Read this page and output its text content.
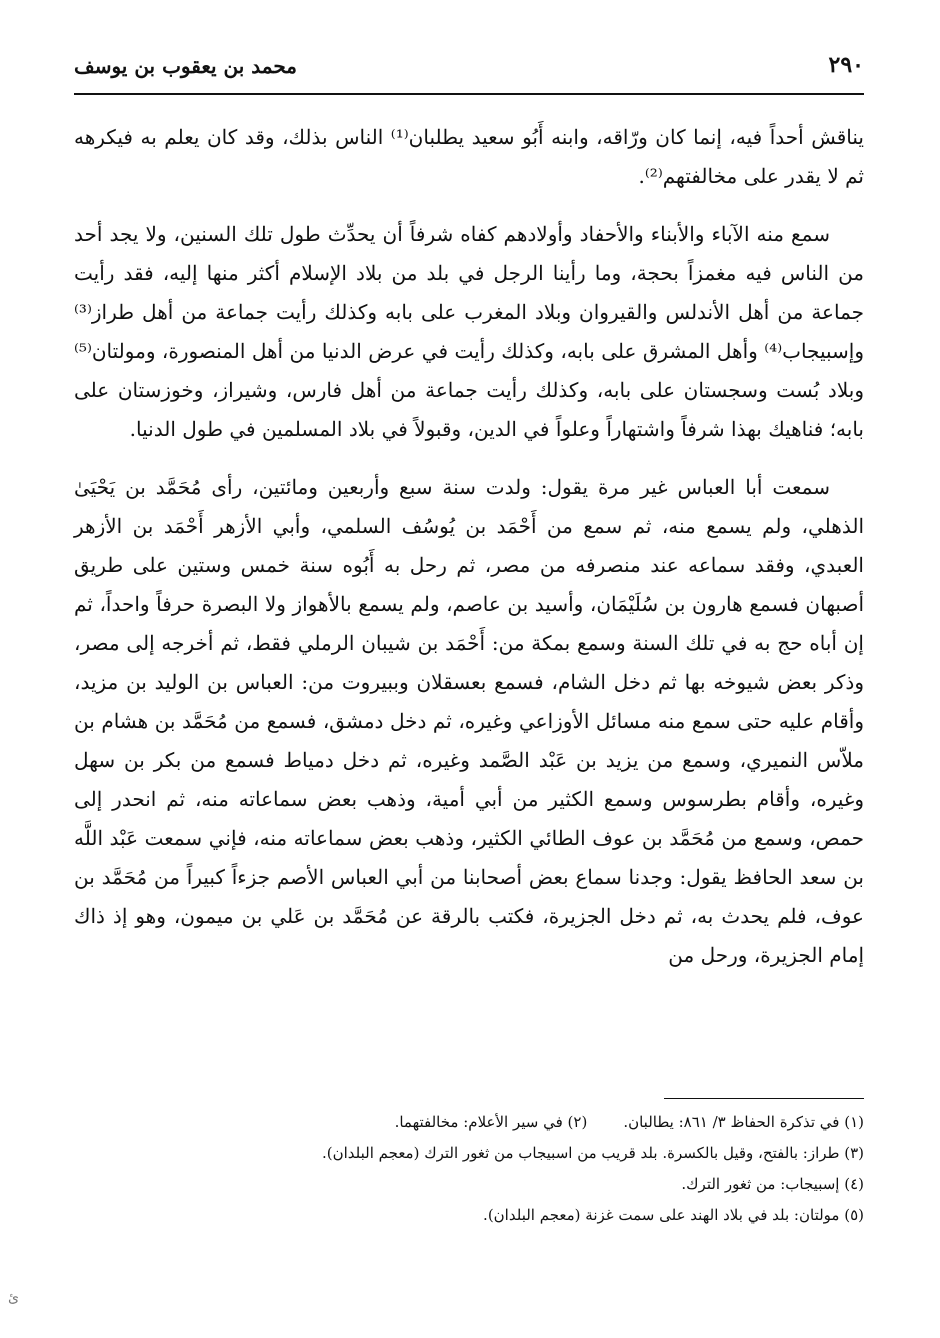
٢٩٠
محمد بن يعقوب بن يوسف

يناقش أحداً فيه، إنما كان ورّاقه، وابنه أَبُو سعيد يطلبان⁽¹⁾ الناس بذلك، وقد كان يعلم به فيكرهه ثم لا يقدر على مخالفتهم⁽²⁾.

سمع منه الآباء والأبناء والأحفاد وأولادهم كفاه شرفاً أن يحدِّث طول تلك السنين، ولا يجد أحد من الناس فيه مغمزاً بحجة، وما رأينا الرجل في بلد من بلاد الإسلام أكثر منها إليه، فقد رأيت جماعة من أهل الأندلس والقيروان وبلاد المغرب على بابه وكذلك رأيت جماعة من أهل طراز⁽³⁾ وإسبيجاب⁽⁴⁾ وأهل المشرق على بابه، وكذلك رأيت في عرض الدنيا من أهل المنصورة، ومولتان⁽⁵⁾ وبلاد بُست وسجستان على بابه، وكذلك رأيت جماعة من أهل فارس، وشيراز، وخوزستان على بابه؛ فناهيك بهذا شرفاً واشتهاراً وعلواً في الدين، وقبولاً في بلاد المسلمين في طول الدنيا.

سمعت أبا العباس غير مرة يقول: ولدت سنة سبع وأربعين ومائتين، رأى مُحَمَّد بن يَحْيَىٰ الذهلي، ولم يسمع منه، ثم سمع من أَحْمَد بن يُوسُف السلمي، وأبي الأزهر أَحْمَد بن الأزهر العبدي، وفقد سماعه عند منصرفه من مصر، ثم رحل به أَبُوه سنة خمس وستين على طريق أصبهان فسمع هارون بن سُلَيْمَان، وأسيد بن عاصم، ولم يسمع بالأهواز ولا البصرة حرفاً واحداً، ثم إن أباه حج به في تلك السنة وسمع بمكة من: أَحْمَد بن شيبان الرملي فقط، ثم أخرجه إلى مصر، وذكر بعض شيوخه بها ثم دخل الشام، فسمع بعسقلان وببيروت من: العباس بن الوليد بن مزيد، وأقام عليه حتى سمع منه مسائل الأوزاعي وغيره، ثم دخل دمشق، فسمع من مُحَمَّد بن هشام بن ملاّس النميري، وسمع من يزيد بن عَبْد الصَّمد وغيره، ثم دخل دمياط فسمع من بكر بن سهل وغيره، وأقام بطرسوس وسمع الكثير من أبي أمية، وذهب بعض سماعاته منه، ثم انحدر إلى حمص، وسمع من مُحَمَّد بن عوف الطائي الكثير، وذهب بعض سماعاته منه، فإني سمعت عَبْد اللَّه بن سعد الحافظ يقول: وجدنا سماع بعض أصحابنا من أبي العباس الأصم جزءاً كبيراً من مُحَمَّد بن عوف، فلم يحدث به، ثم دخل الجزيرة، فكتب بالرقة عن مُحَمَّد بن عَلي بن ميمون، وهو إذ ذاك إمام الجزيرة، ورحل من

(١) في تذكرة الحفاظ ٣/ ٨٦١: يطالبان.
(٢) في سير الأعلام: مخالفتهما.
(٣) طراز: بالفتح، وقيل بالكسرة. بلد قريب من اسبيجاب من ثغور الترك (معجم البلدان).
(٤) إسبيجاب: من ثغور الترك.
(٥) مولتان: بلد في بلاد الهند على سمت غزنة (معجم البلدان).
ئ
